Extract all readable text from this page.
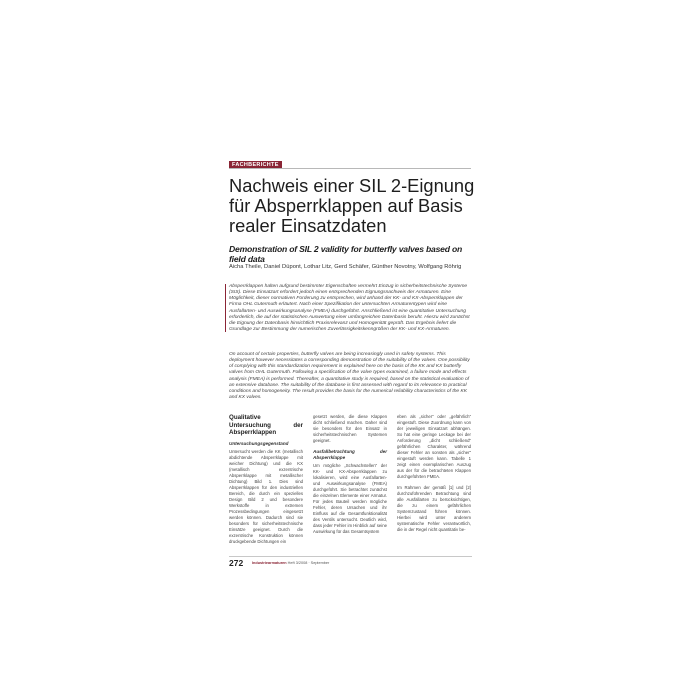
FACHBERICHTE
Nachweis einer SIL 2-Eignung für Absperrklappen auf Basis realer Einsatzdaten
Demonstration of SIL 2 validity for butterfly valves based on field data
Aicha Theile, Daniel Düpont, Lothar Litz, Gerd Schäfer, Günther Novotny, Wolfgang Röhrig

Absperrklappen halten aufgrund bestimmter Eigenschaften vermehrt Einzug in sicherheitstechnische Systeme (SIS). Diese Einsatzart erfordert jedoch einen entsprechenden Eignungsnachweis der Armaturen. Eine Möglichkeit, dieser normativen Forderung zu entsprechen, wird anhand der KK- und KX-Absperrklappen der Firma OHL Gutermuth erläutert. Nach einer Spezifikation der untersuchten Armaturentypen wird eine Ausfallarten- und Auswirkungsanalyse (FMEA) durchgeführt. Anschließend ist eine quantitative Untersuchung erforderlich, die auf der statistischen Auswertung einer umfangreichen Datenbasis beruht. Hierzu wird zunächst die Eignung der Datenbasis hinsichtlich Praxisrelevanz und Homogenität geprüft. Das Ergebnis liefert die Grundlage zur Bestimmung der numerischen Zuverlässigkeitskenngrößen der KK- und KX-Armaturen.

On account of certain properties, butterfly valves are being increasingly used in safety systems. This deployment however necessitates a corresponding demonstration of the suitability of the valves. One possibility of complying with this standardization requirement is explained here on the basis of the KK and KX butterfly valves from OHL Gutermuth. Following a specification of the valve types examined, a failure mode and effects analysis (FMEA) is performed. Thereafter, a quantitative study is required, based on the statistical evaluation of an extensive database. The suitability of the database is first assessed with regard to its relevance to practical conditions and homogeneity. The result provides the basis for the numerical reliability characteristics of the KK and KX valves.

Qualitative Untersuchung der Absperrklappen
Untersuchungsgegenstand

Untersucht werden die KK (metallisch abdichtende Absperrklappe mit weicher Dichtung) und die KX (metallisch exzentrische Absperrklappe mit metallischer Dichtung) Bild 1. Dies sind Absperrklappen für den industriellen Bereich, die durch ein spezielles Design Bild 2 und besondere Werkstoffe in extremen Prozessbedingungen eingesetzt werden können. Dadurch sind sie besonders für sicherheitstechnische Einsätze geeignet. Durch die exzentrische Konstruktion können druckgebende Dichtungen ein

gesetzt werden, die diese Klappen dicht schließend machen. Daher sind sie besonders für den Einsatz in sicherheitstechnischen Systemen geeignet.

Ausfallbetrachtung der Absperrklappe

Um mögliche „Schwachstellen“ der KK- und KX-Absperrklappen zu lokalisieren, wird eine Ausfallarten- und Auswirkungsanalyse (FMEA) durchgeführt. Sie betrachtet zunächst die einzelnen Elemente einer Armatur. Für jedes Bauteil werden mögliche Fehler, deren Ursachen und ihr Einfluss auf die Gesamtfunktionalität des Ventils untersucht. Deutlich wird, dass jeder Fehler im Hinblick auf seine Auswirkung für das Gesamtsystem

eben als „sicher“ oder „gefährlich“ eingestuft. Diese Zuordnung kann von der jeweiligen Einsatzart abhängen. So hat eine geringe Leckage bei der Anforderung „dicht schließend“ gefährlichen Charakter, während dieser Fehler an sonsten als „sicher“ eingestuft werden kann. Tabelle 1 zeigt einen exemplarischen Auszug aus der für die betrachteten Klappen durchgeführten FMEA.

Im Rahmen der gemäß [1] und [2] durchzuführenden Betrachtung sind alle Ausfallarten zu berücksichtigen, die zu einem gefährlichen Systemzustand führen können. Hierbei wird unter anderem systematische Fehler verantwortlich, die in der Regel nicht quantitativ be-

272 Industriearmaturen Heft 3/2008 · September
